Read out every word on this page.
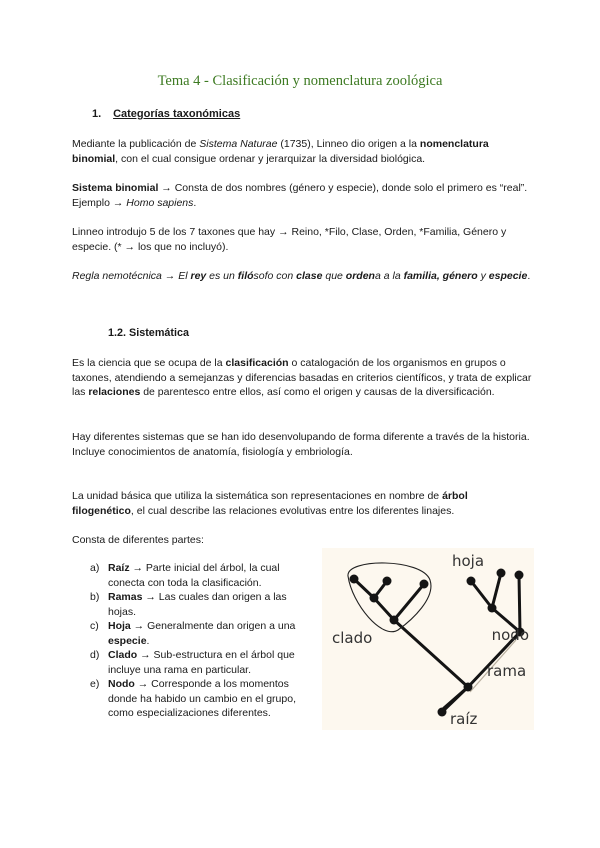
Tema 4 - Clasificación y nomenclatura zoológica
1. Categorías taxonómicas
Mediante la publicación de Sistema Naturae (1735), Linneo dio origen a la nomenclatura binomial, con el cual consigue ordenar y jerarquizar la diversidad biológica.
Sistema binomial → Consta de dos nombres (género y especie), donde solo el primero es “real”. Ejemplo → Homo sapiens.
Linneo introdujo 5 de los 7 taxones que hay → Reino, *Filo, Clase, Orden, *Familia, Género y especie. (* → los que no incluyó).
Regla nemotécnica → El rey es un filósofo con clase que ordena a la familia, género y especie.
1.2. Sistemática
Es la ciencia que se ocupa de la clasificación o catalogación de los organismos en grupos o taxones, atendiendo a semejanzas y diferencias basadas en criterios científicos, y trata de explicar las relaciones de parentesco entre ellos, así como el origen y causas de la diversificación.
Hay diferentes sistemas que se han ido desenvolupando de forma diferente a través de la historia.
Incluye conocimientos de anatomía, fisiología y embriología.
La unidad básica que utiliza la sistemática son representaciones en nombre de árbol filogenético, el cual describe las relaciones evolutivas entre los diferentes linajes.
Consta de diferentes partes:
a) Raíz → Parte inicial del árbol, la cual conecta con toda la clasificación.
b) Ramas → Las cuales dan origen a las hojas.
c) Hoja → Generalmente dan origen a una especie.
d) Clado → Sub-estructura en el árbol que incluye una rama en particular.
e) Nodo → Corresponde a los momentos donde ha habido un cambio en el grupo, como especializaciones diferentes.
hoja
clado	nodo
rama
raíz
